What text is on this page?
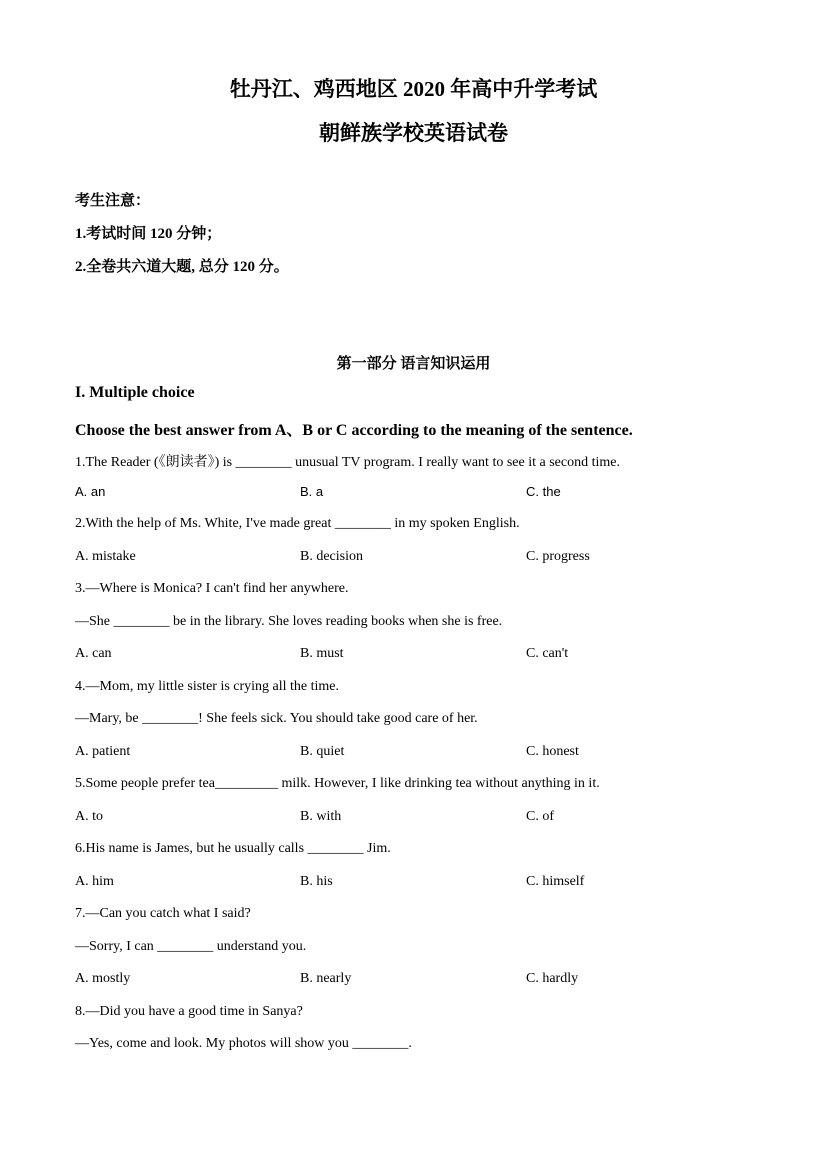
牡丹江、鸡西地区 2020 年高中升学考试
朝鲜族学校英语试卷
考生注意：
1.考试时间 120 分钟；
2.全卷共六道大题, 总分 120 分。
第一部分 语言知识运用
I. Multiple choice
Choose the best answer from A、B or C according to the meaning of the sentence.
1.The Reader (《朗读者》) is ________ unusual TV program. I really want to see it a second time.
A. an	B. a	C. the
2.With the help of Ms. White, I've made great ________ in my spoken English.
A. mistake	B. decision	C. progress
3.—Where is Monica? I can't find her anywhere.
—She ________ be in the library. She loves reading books when she is free.
A. can	B. must	C. can't
4.—Mom, my little sister is crying all the time.
—Mary, be ________! She feels sick. You should take good care of her.
A. patient	B. quiet	C. honest
5.Some people prefer tea_________ milk. However, I like drinking tea without anything in it.
A. to	B. with	C. of
6.His name is James, but he usually calls ________ Jim.
A. him	B. his	C. himself
7.—Can you catch what I said?
—Sorry, I can ________ understand you.
A. mostly	B. nearly	C. hardly
8.—Did you have a good time in Sanya?
—Yes, come and look. My photos will show you ________.
